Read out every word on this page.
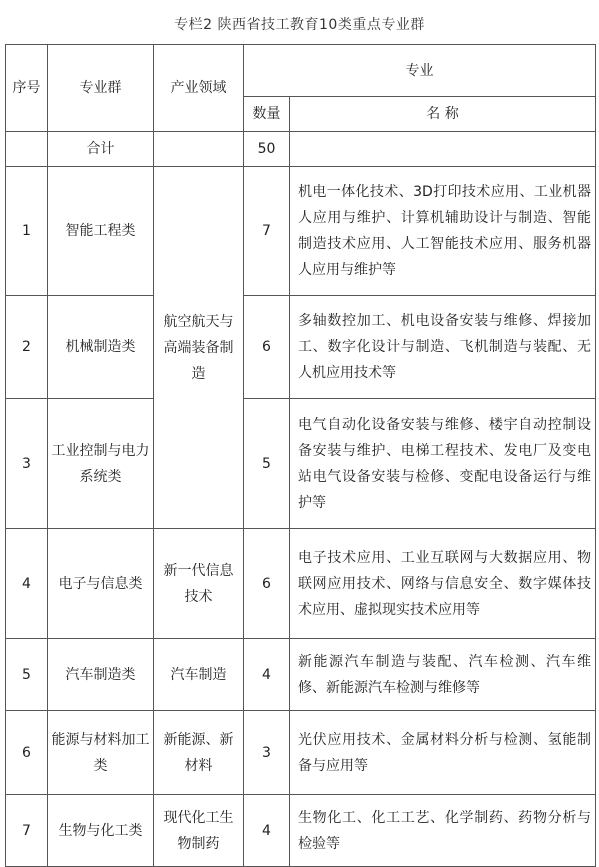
专栏2 陕西省技工教育10类重点专业群
序号	专业群	产业领域	专业	
			数量	名 称
	合计		50	
1	智能工程类	航空航天与高端装备制造	7	机电一体化技术、3D打印技术应用、工业机器人应用与维护、计算机辅助设计与制造、智能制造技术应用、人工智能技术应用、服务机器人应用与维护等
2	机械制造类		6	多轴数控加工、机电设备安装与维修、焊接加工、数字化设计与制造、飞机制造与装配、无人机应用技术等
3	工业控制与电力系统类		5	电气自动化设备安装与维修、楼宇自动控制设备安装与维护、电梯工程技术、发电厂及变电站电气设备安装与检修、变配电设备运行与维护等
4	电子与信息类	新一代信息技术	6	电子技术应用、工业互联网与大数据应用、物联网应用技术、网络与信息安全、数字媒体技术应用、虚拟现实技术应用等
5	汽车制造类	汽车制造	4	新能源汽车制造与装配、汽车检测、汽车维修、新能源汽车检测与维修等
6	能源与材料加工类	新能源、新材料	3	光伏应用技术、金属材料分析与检测、氢能制备与应用等
7	生物与化工类	现代化工生物制药	4	生物化工、化工工艺、化学制药、药物分析与检验等
